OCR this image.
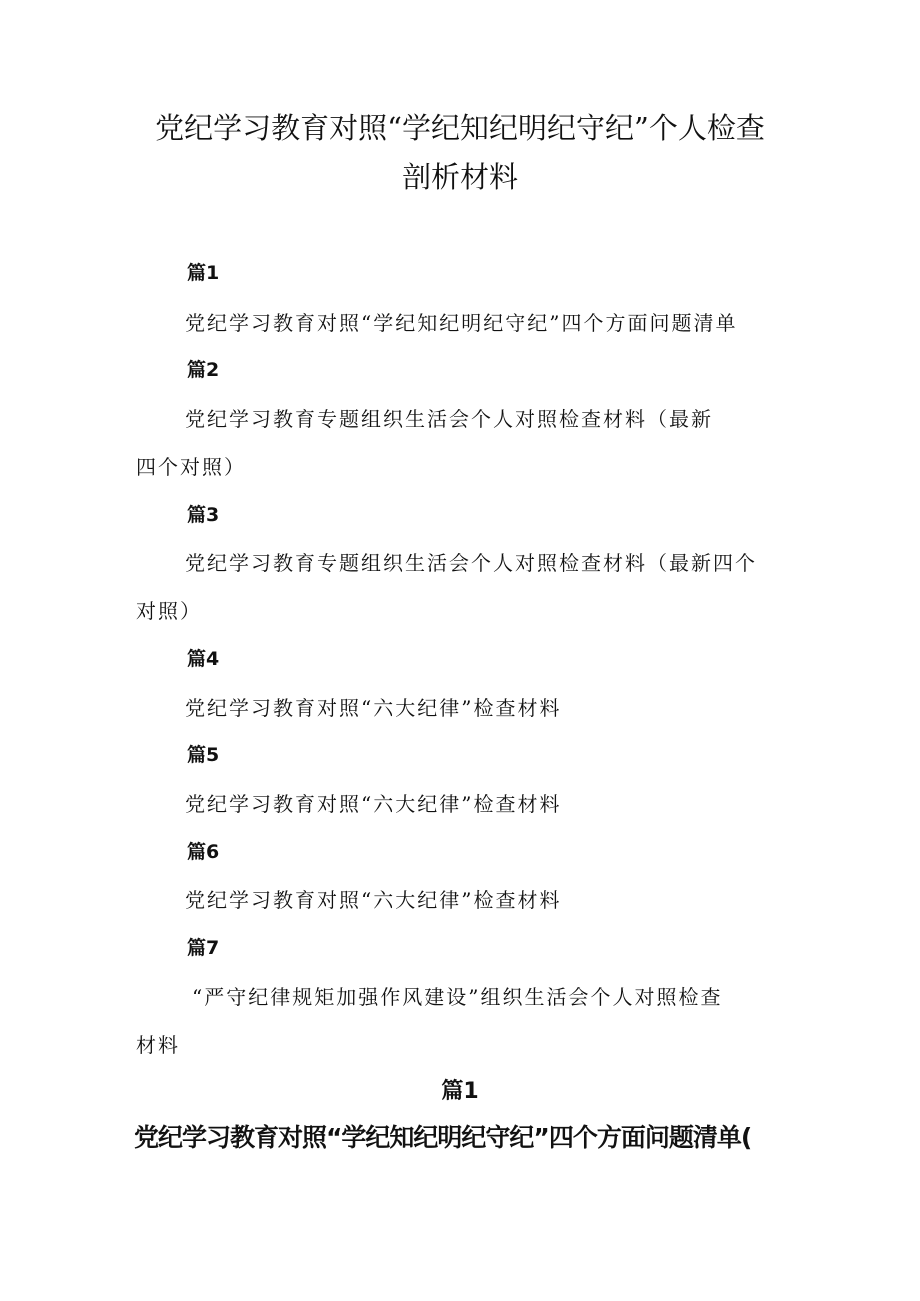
党纪学习教育对照“学纪知纪明纪守纪”个人检查
剖析材料
篇1
党纪学习教育对照“学纪知纪明纪守纪”四个方面问题清单
篇2
党纪学习教育专题组织生活会个人对照检查材料（最新
四个对照）
篇3
党纪学习教育专题组织生活会个人对照检查材料（最新四个
对照）
篇4
党纪学习教育对照“六大纪律”检查材料
篇5
党纪学习教育对照“六大纪律”检查材料
篇6
党纪学习教育对照“六大纪律”检查材料
篇7
“严守纪律规矩加强作风建设”组织生活会个人对照检查
材料
篇1
党纪学习教育对照“学纪知纪明纪守纪”四个方面问题清单(
